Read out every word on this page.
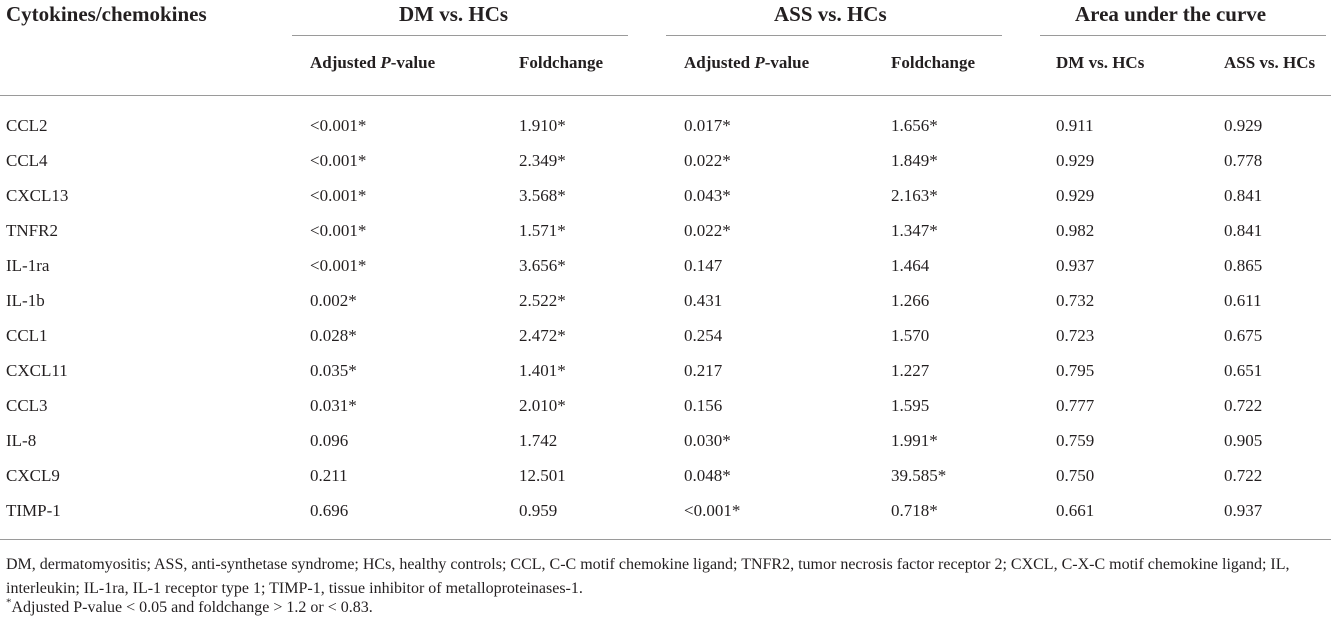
Cytokines/chemokines	DM vs. HCs	ASS vs. HCs	Area under the curve
Adjusted P-value	Foldchange	Adjusted P-value	Foldchange	DM vs. HCs	ASS vs. HCs
CCL2	<0.001*	1.910*	0.017*	1.656*	0.911	0.929
CCL4	<0.001*	2.349*	0.022*	1.849*	0.929	0.778
CXCL13	<0.001*	3.568*	0.043*	2.163*	0.929	0.841
TNFR2	<0.001*	1.571*	0.022*	1.347*	0.982	0.841
IL-1ra	<0.001*	3.656*	0.147	1.464	0.937	0.865
IL-1b	0.002*	2.522*	0.431	1.266	0.732	0.611
CCL1	0.028*	2.472*	0.254	1.570	0.723	0.675
CXCL11	0.035*	1.401*	0.217	1.227	0.795	0.651
CCL3	0.031*	2.010*	0.156	1.595	0.777	0.722
IL-8	0.096	1.742	0.030*	1.991*	0.759	0.905
CXCL9	0.211	12.501	0.048*	39.585*	0.750	0.722
TIMP-1	0.696	0.959	<0.001*	0.718*	0.661	0.937
DM, dermatomyositis; ASS, anti-synthetase syndrome; HCs, healthy controls; CCL, C-C motif chemokine ligand; TNFR2, tumor necrosis factor receptor 2; CXCL, C-X-C motif chemokine ligand; IL, interleukin; IL-1ra, IL-1 receptor type 1; TIMP-1, tissue inhibitor of metalloproteinases-1.
*Adjusted P-value < 0.05 and foldchange > 1.2 or < 0.83.
